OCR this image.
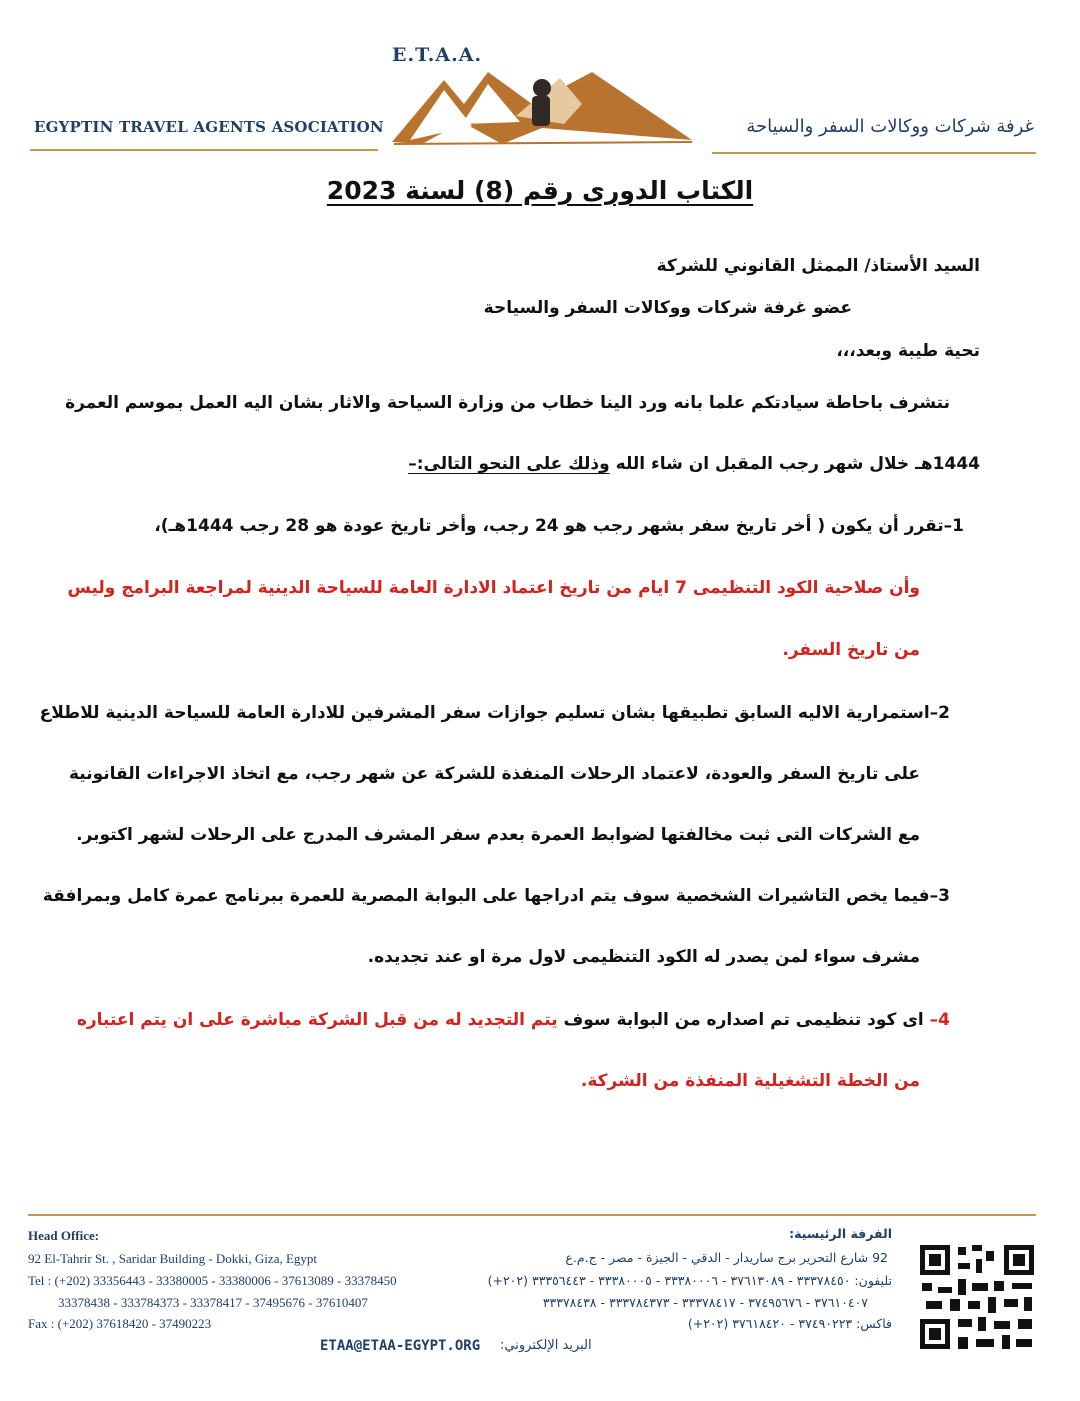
E.T.A.A.
EGYPTIN TRAVEL AGENTS ASOCIATION	غرفة شركات ووكالات السفر والسياحة
الكتاب الدورى رقم (8) لسنة 2023
السيد الأستاذ/ الممثل القانوني للشركة
عضو غرفة شركات ووكالات السفر والسياحة
تحية طيبة وبعد،،،
نتشرف باحاطة سيادتكم علما بانه ورد الينا خطاب من وزارة السياحة والاثار بشان اليه العمل بموسم العمرة
1444هـ خلال شهر رجب المقبل ان شاء الله وذلك على النحو التالى:–
1–تقرر أن يكون ( أخر تاريخ سفر بشهر رجب هو 24 رجب، وأخر تاريخ عودة هو 28 رجب 1444هـ)،
وأن صلاحية الكود التنظيمى 7 ايام من تاريخ اعتماد الادارة العامة للسياحة الدينية لمراجعة البرامج وليس
من تاريخ السفر.
2–استمرارية الاليه السابق تطبيقها بشان تسليم جوازات سفر المشرفين للادارة العامة للسياحة الدينية للاطلاع
على تاريخ السفر والعودة، لاعتماد الرحلات المنفذة للشركة عن شهر رجب، مع اتخاذ الاجراءات القانونية
مع الشركات التى ثبت مخالفتها لضوابط العمرة بعدم سفر المشرف المدرج على الرحلات لشهر اكتوبر.
3–فيما يخص التاشيرات الشخصية سوف يتم ادراجها على البوابة المصرية للعمرة ببرنامج عمرة كامل وبمرافقة
مشرف سواء لمن يصدر له الكود التنظيمى لاول مرة او عند تجديده.
4– اى كود تنظيمى تم اصداره من البوابة سوف يتم التجديد له من قبل الشركة مباشرة على ان يتم اعتباره
من الخطة التشغيلية المنفذة من الشركة.
Head Office:
92 El-Tahrir St. , Saridar Building - Dokki, Giza, Egypt
Tel : (+202) 33356443 - 33380005 - 33380006 - 37613089 - 33378450
33378438 - 333784373 - 33378417 - 37495676 - 37610407
Fax : (+202) 37618420 - 37490223
الفرفة الرئيسية:
92 شارع التحرير برج ساريدار - الدقي - الجيزة - مصر - ج.م.ع
تليفون: ٣٣٣٧٨٤٥٠ - ٣٧٦١٣٠٨٩ - ٣٣٣٨٠٠٠٦ - ٣٣٣٨٠٠٠٥ - ٣٣٣٥٦٤٤٣ (٢٠٢+)
٣٧٦١٠٤٠٧ - ٣٧٤٩٥٦٧٦ - ٣٣٣٧٨٤١٧ - ٣٣٣٧٨٤٣٧٣ - ٣٣٣٧٨٤٣٨
فاكس: ٣٧٤٩٠٢٢٣ - ٣٧٦١٨٤٢٠ (٢٠٢+)
ETAA@ETAA-EGYPT.ORG البريد الإلكتروني:
